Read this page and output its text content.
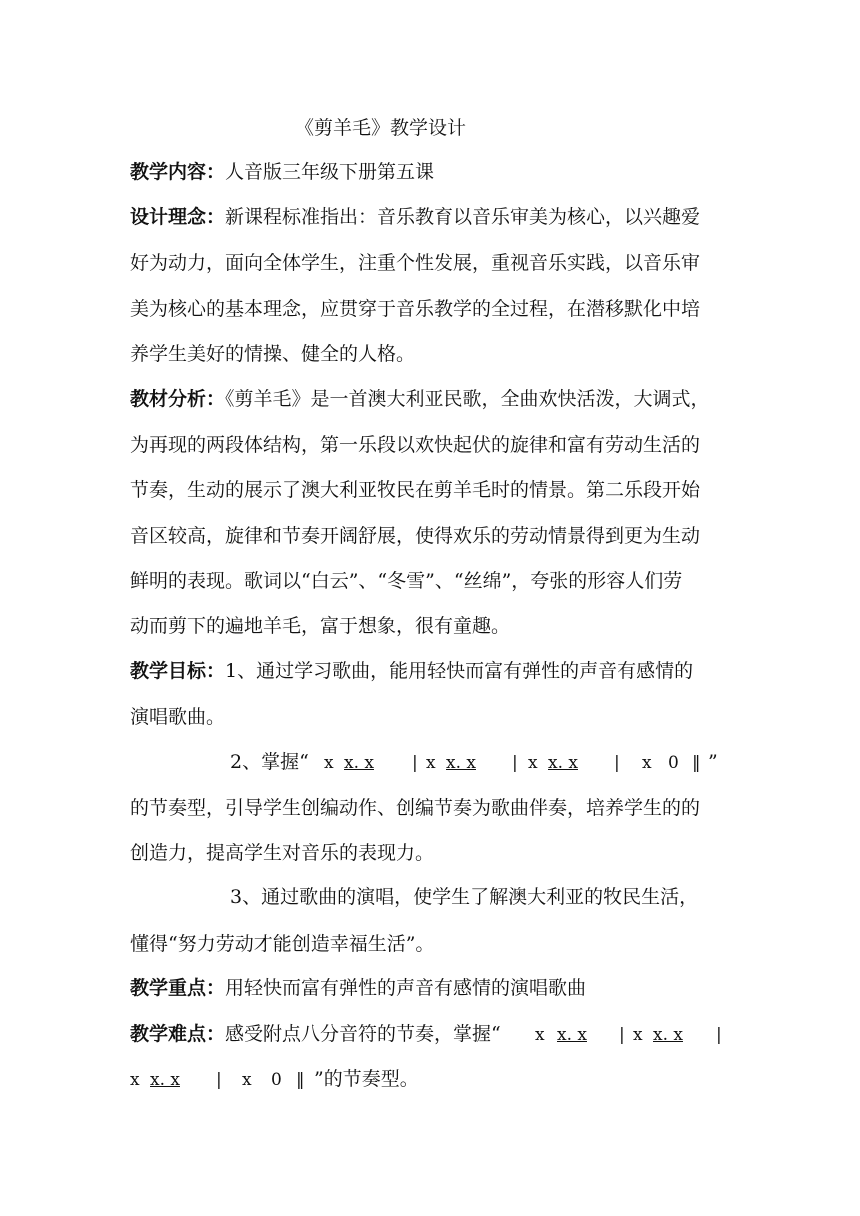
《剪羊毛》教学设计
教学内容：人音版三年级下册第五课
设计理念：新课程标准指出：音乐教育以音乐审美为核心，以兴趣爱
好为动力，面向全体学生，注重个性发展，重视音乐实践，以音乐审
美为核心的基本理念，应贯穿于音乐教学的全过程，在潜移默化中培
养学生美好的情操、健全的人格。
教材分析：《剪羊毛》是一首澳大利亚民歌，全曲欢快活泼，大调式，
为再现的两段体结构，第一乐段以欢快起伏的旋律和富有劳动生活的
节奏，生动的展示了澳大利亚牧民在剪羊毛时的情景。第二乐段开始
音区较高，旋律和节奏开阔舒展，使得欢乐的劳动情景得到更为生动
鲜明的表现。歌词以“白云”、“冬雪”、“丝绵”，夸张的形容人们劳
动而剪下的遍地羊毛，富于想象，很有童趣。
教学目标：1、通过学习歌曲，能用轻快而富有弹性的声音有感情的
演唱歌曲。
2、掌握“ x x. x | x x. x | x x. x | x 0 ‖ ”
的节奏型，引导学生创编动作、创编节奏为歌曲伴奏，培养学生的的
创造力，提高学生对音乐的表现力。
3、通过歌曲的演唱，使学生了解澳大利亚的牧民生活，
懂得“努力劳动才能创造幸福生活”。
教学重点：用轻快而富有弹性的声音有感情的演唱歌曲
教学难点：感受附点八分音符的节奏，掌握“ x x. x | x x. x |
x x. x | x 0 ‖ ”的节奏型。
